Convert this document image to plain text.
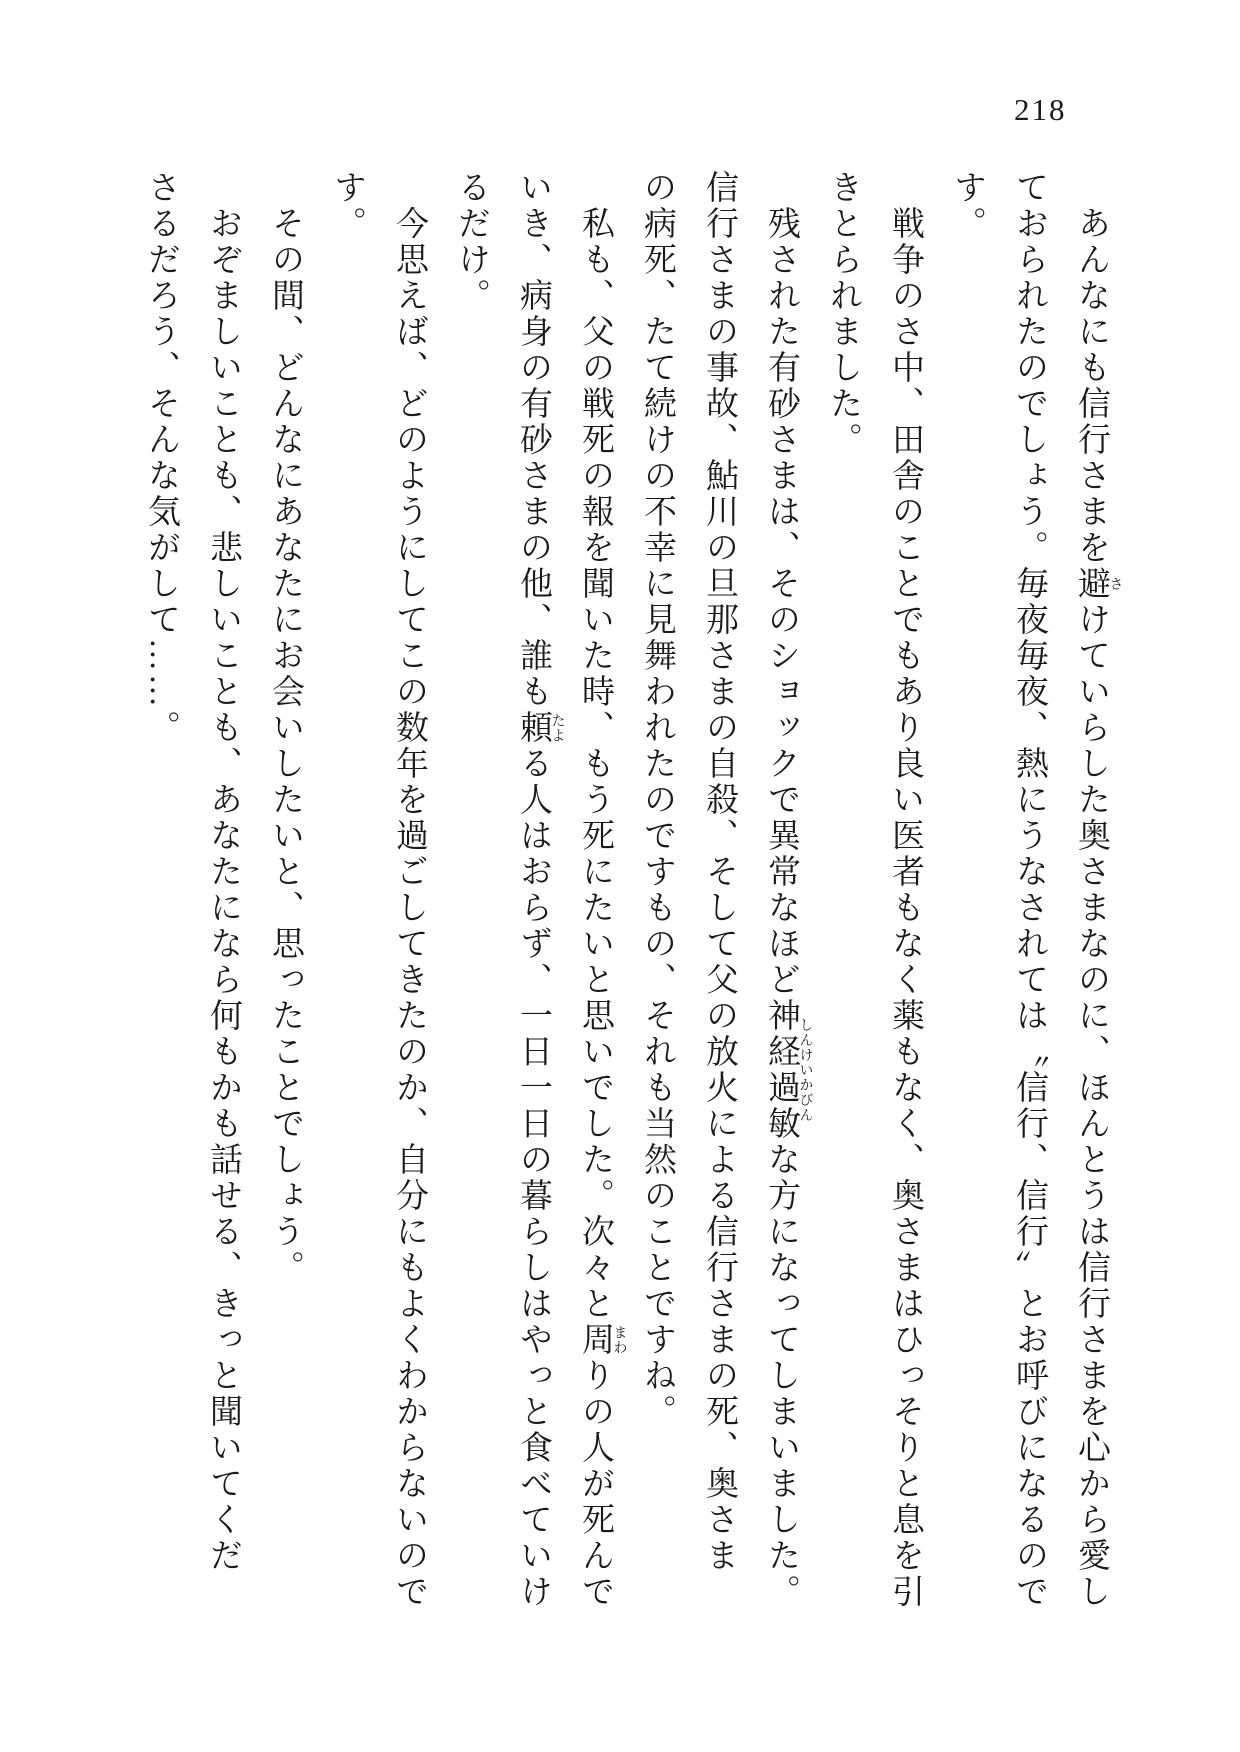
218
あんなにも信行さまを避さけていらした奥さまなのに、ほんとうは信行さまを心から愛し
ておられたのでしょう。毎夜毎夜、熱にうなされては〝信行、信行〞とお呼びになるので
す。
戦争のさ中、田舎のことでもあり良い医者もなく薬もなく、奥さまはひっそりと息を引
きとられました。
残された有砂さまは、そのショックで異常なほど神経過敏しんけいかびんな方になってしまいました。
信行さまの事故、鮎川の旦那さまの自殺、そして父の放火による信行さまの死、奥さま
の病死、たて続けの不幸に見舞われたのですもの、それも当然のことですね。
私も、父の戦死の報を聞いた時、もう死にたいと思いでした。次々と周まわりの人が死んで
いき、病身の有砂さまの他、誰も頼たよる人はおらず、一日一日の暮らしはやっと食べていけ
るだけ。
今思えば、どのようにしてこの数年を過ごしてきたのか、自分にもよくわからないので
す。
その間、どんなにあなたにお会いしたいと、思ったことでしょう。
おぞましいことも、悲しいことも、あなたになら何もかも話せる、きっと聞いてくだ
さるだろう、そんな気がして……。
